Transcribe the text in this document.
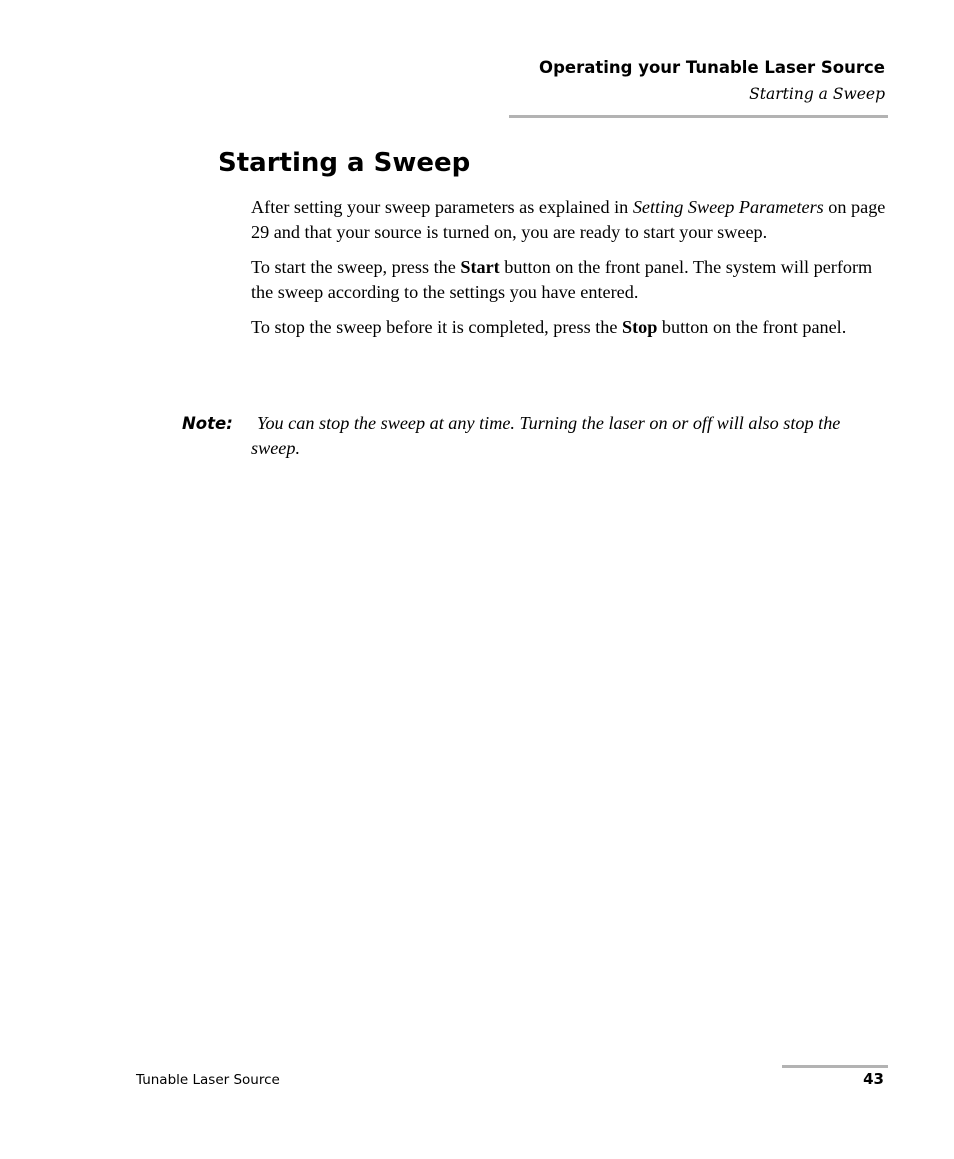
Operating your Tunable Laser Source
Starting a Sweep
Starting a Sweep

After setting your sweep parameters as explained in Setting Sweep Parameters on page 29 and that your source is turned on, you are ready to start your sweep.

To start the sweep, press the Start button on the front panel. The system will perform the sweep according to the settings you have entered.

To stop the sweep before it is completed, press the Stop button on the front panel.

Note:	You can stop the sweep at any time. Turning the laser on or off will also stop the sweep.

Tunable Laser Source	43
